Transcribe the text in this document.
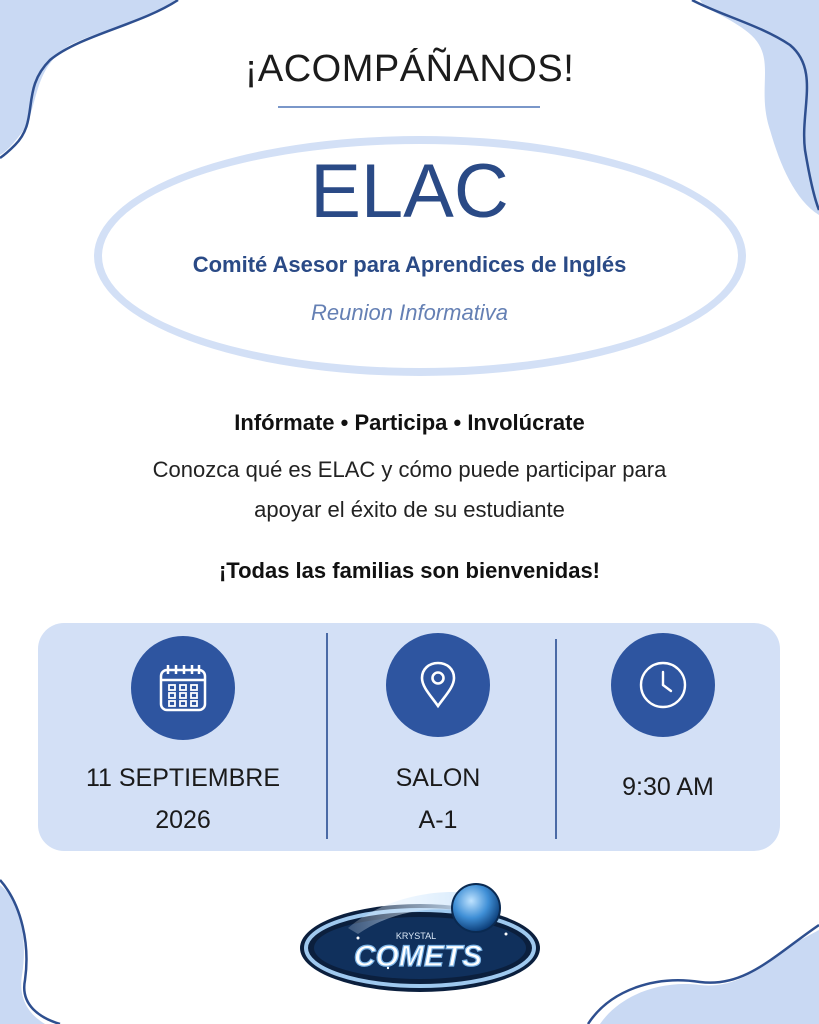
¡ACOMPÁÑANOS!
ELAC
Comité Asesor para Aprendices de Inglés
Reunion Informativa
Infórmate • Participa • Involúcrate
Conozca qué es ELAC y cómo puede participar para
apoyar el éxito de su estudiante
¡Todas las familias son bienvenidas!
11 SEPTIEMBRE
2026
SALON
A-1
9:30 AM
KRYSTAL
COMETS
